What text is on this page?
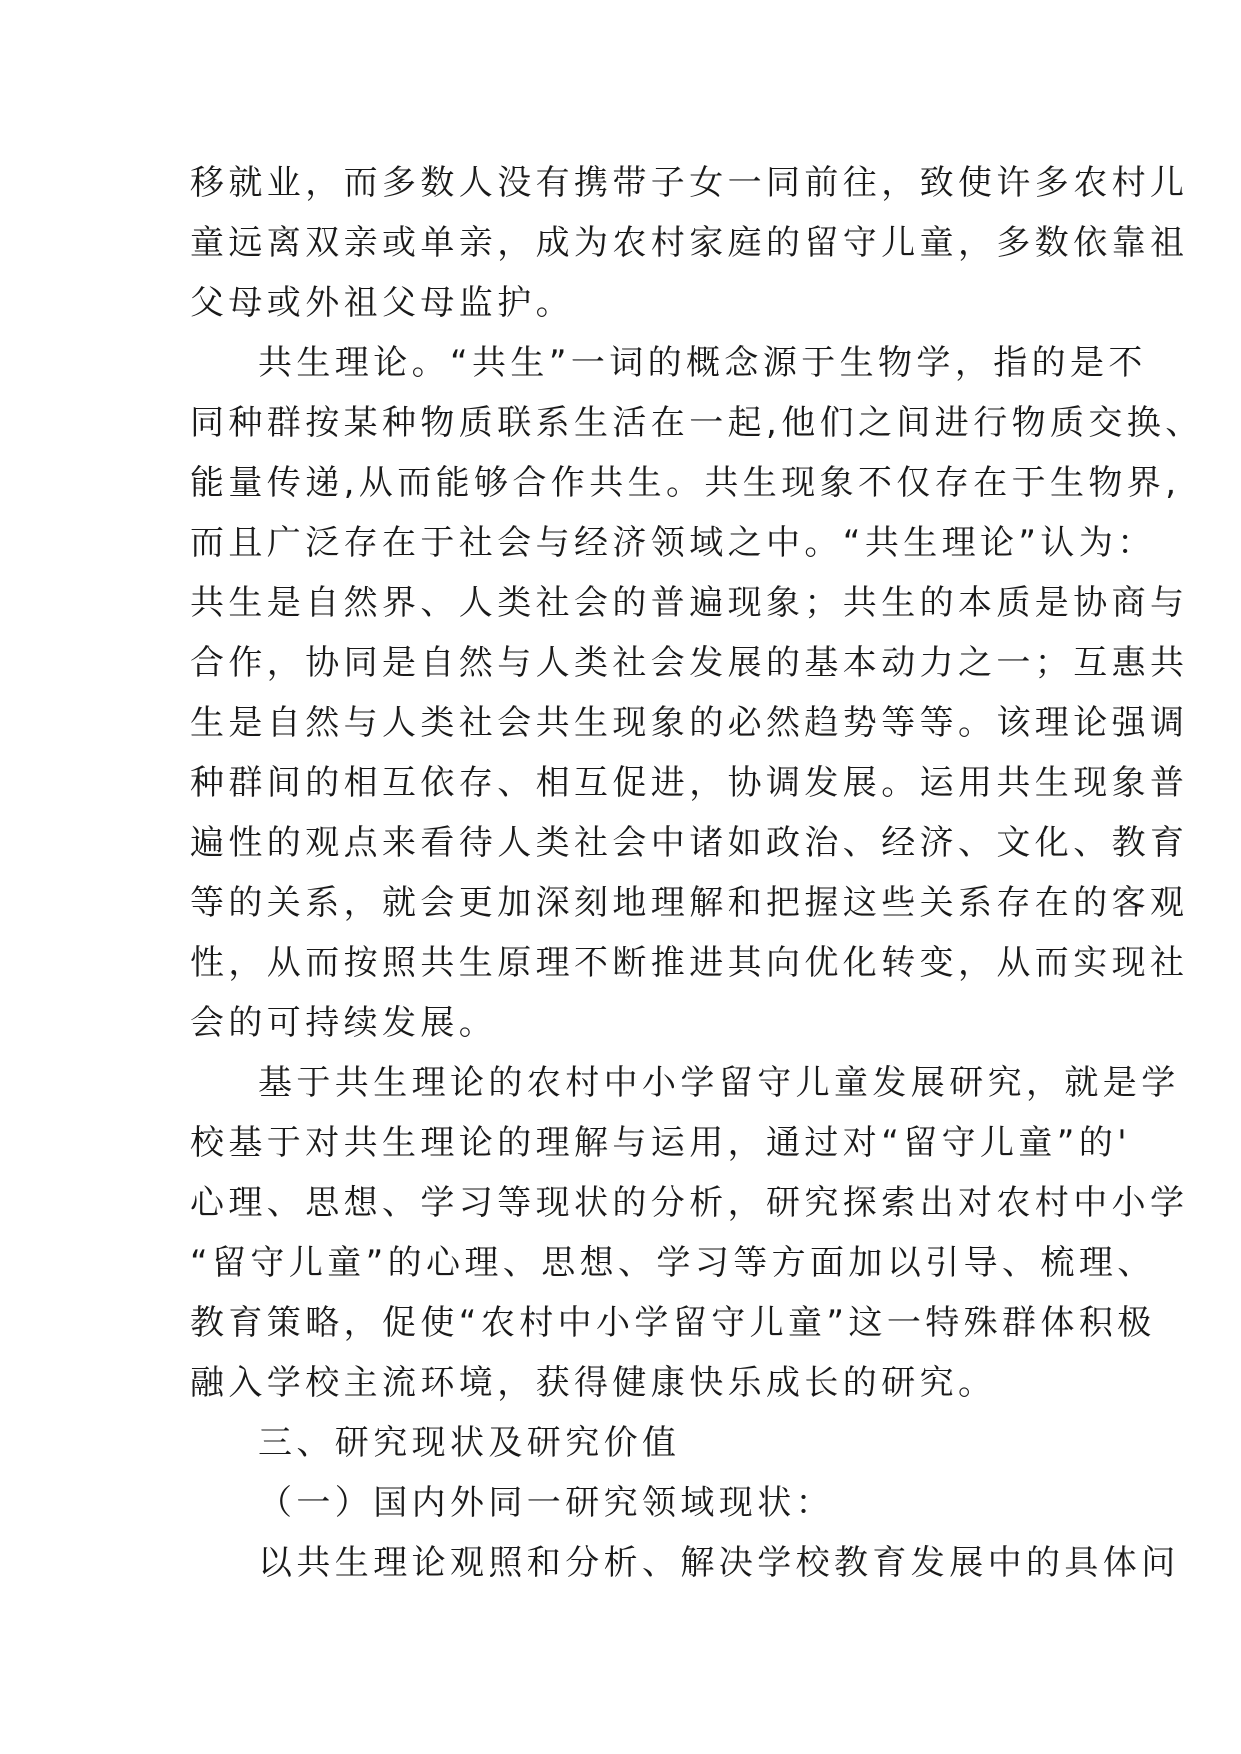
移就业，而多数人没有携带子女一同前往，致使许多农村儿
童远离双亲或单亲，成为农村家庭的留守儿童，多数依靠祖
父母或外祖父母监护。
共生理论。“共生”一词的概念源于生物学，指的是不
同种群按某种物质联系生活在一起,他们之间进行物质交换、
能量传递,从而能够合作共生。共生现象不仅存在于生物界,
而且广泛存在于社会与经济领域之中。“共生理论”认为：
共生是自然界、人类社会的普遍现象；共生的本质是协商与
合作，协同是自然与人类社会发展的基本动力之一；互惠共
生是自然与人类社会共生现象的必然趋势等等。该理论强调
种群间的相互依存、相互促进，协调发展。运用共生现象普
遍性的观点来看待人类社会中诸如政治、经济、文化、教育
等的关系，就会更加深刻地理解和把握这些关系存在的客观
性，从而按照共生原理不断推进其向优化转变，从而实现社
会的可持续发展。
基于共生理论的农村中小学留守儿童发展研究，就是学
校基于对共生理论的理解与运用，通过对“留守儿童”的'
心理、思想、学习等现状的分析，研究探索出对农村中小学
“留守儿童”的心理、思想、学习等方面加以引导、梳理、
教育策略，促使“农村中小学留守儿童”这一特殊群体积极
融入学校主流环境，获得健康快乐成长的研究。
三、研究现状及研究价值
（一）国内外同一研究领域现状：
以共生理论观照和分析、解决学校教育发展中的具体问
